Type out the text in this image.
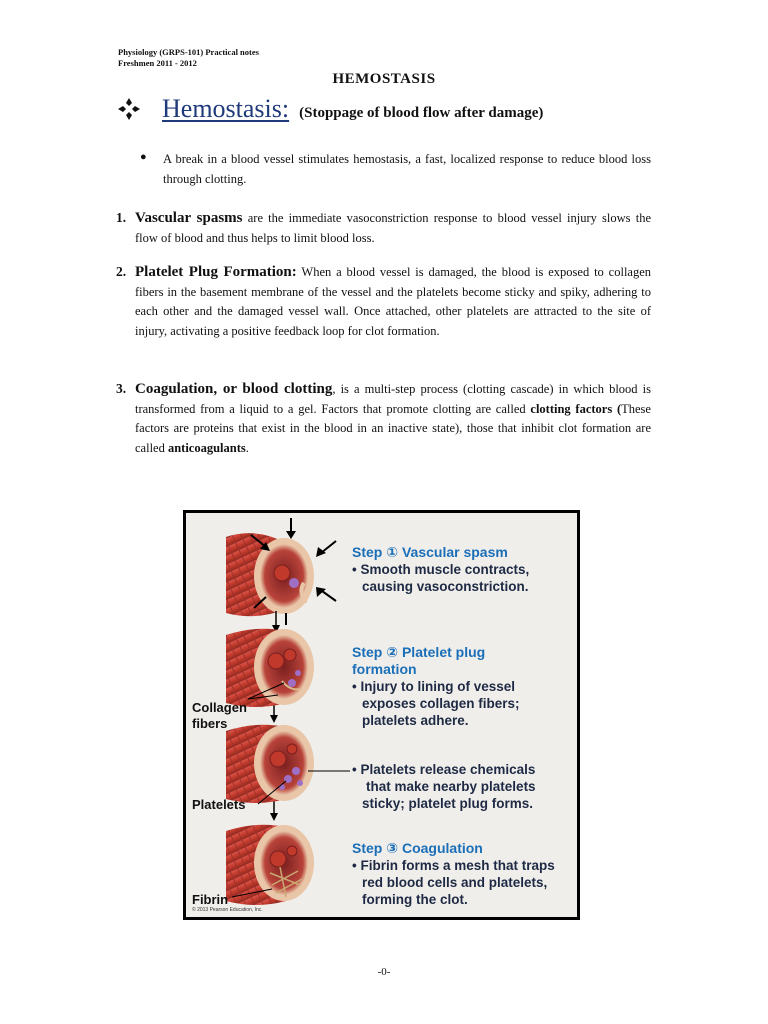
Physiology (GRPS-101) Practical notes
Freshmen 2011 - 2012
HEMOSTASIS
Hemostasis: (Stoppage of blood flow after damage)
● A break in a blood vessel stimulates hemostasis, a fast, localized response to reduce blood loss through clotting.
1. Vascular spasms are the immediate vasoconstriction response to blood vessel injury slows the flow of blood and thus helps to limit blood loss.
2. Platelet Plug Formation: When a blood vessel is damaged, the blood is exposed to collagen fibers in the basement membrane of the vessel and the platelets become sticky and spiky, adhering to each other and the damaged vessel wall. Once attached, other platelets are attracted to the site of injury, activating a positive feedback loop for clot formation.
3. Coagulation, or blood clotting, is a multi-step process (clotting cascade) in which blood is transformed from a liquid to a gel. Factors that promote clotting are called clotting factors (These factors are proteins that exist in the blood in an inactive state), those that inhibit clot formation are called anticoagulants.
Step ① Vascular spasm
• Smooth muscle contracts,
causing vasoconstriction.
Step ② Platelet plug
formation
• Injury to lining of vessel
exposes collagen fibers;
platelets adhere.
• Platelets release chemicals
that make nearby platelets
sticky; platelet plug forms.
Step ③ Coagulation
• Fibrin forms a mesh that traps
red blood cells and platelets,
forming the clot.
Collagen
fibers
Platelets
Fibrin
© 2013 Pearson Education, Inc.
-0-
